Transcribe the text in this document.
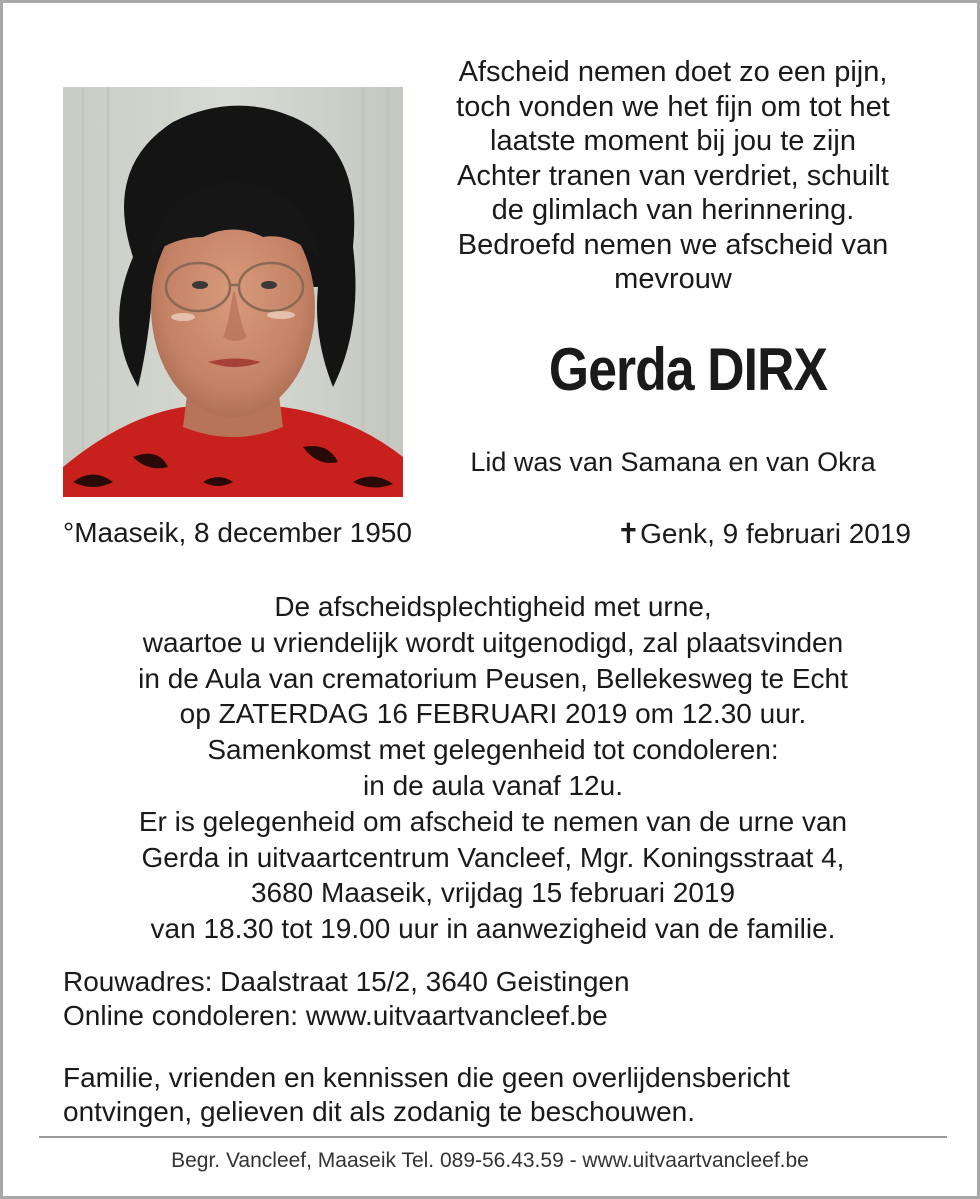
Afscheid nemen doet zo een pijn,
toch vonden we het fijn om tot het
laatste moment bij jou te zijn
Achter tranen van verdriet, schuilt
de glimlach van herinnering.
Bedroefd nemen we afscheid van
mevrouw

Gerda DIRX

Lid was van Samana en van Okra

°Maaseik, 8 december 1950	✝Genk, 9 februari 2019

De afscheidsplechtigheid met urne,
waartoe u vriendelijk wordt uitgenodigd, zal plaatsvinden
in de Aula van crematorium Peusen, Bellekesweg te Echt
op ZATERDAG 16 FEBRUARI 2019 om 12.30 uur.
Samenkomst met gelegenheid tot condoleren:
in de aula vanaf 12u.
Er is gelegenheid om afscheid te nemen van de urne van
Gerda in uitvaartcentrum Vancleef, Mgr. Koningsstraat 4,
3680 Maaseik, vrijdag 15 februari 2019
van 18.30 tot 19.00 uur in aanwezigheid van de familie.

Rouwadres: Daalstraat 15/2, 3640 Geistingen
Online condoleren: www.uitvaartvancleef.be

Familie, vrienden en kennissen die geen overlijdensbericht
ontvingen, gelieven dit als zodanig te beschouwen.

Begr. Vancleef, Maaseik Tel. 089-56.43.59 - www.uitvaartvancleef.be
